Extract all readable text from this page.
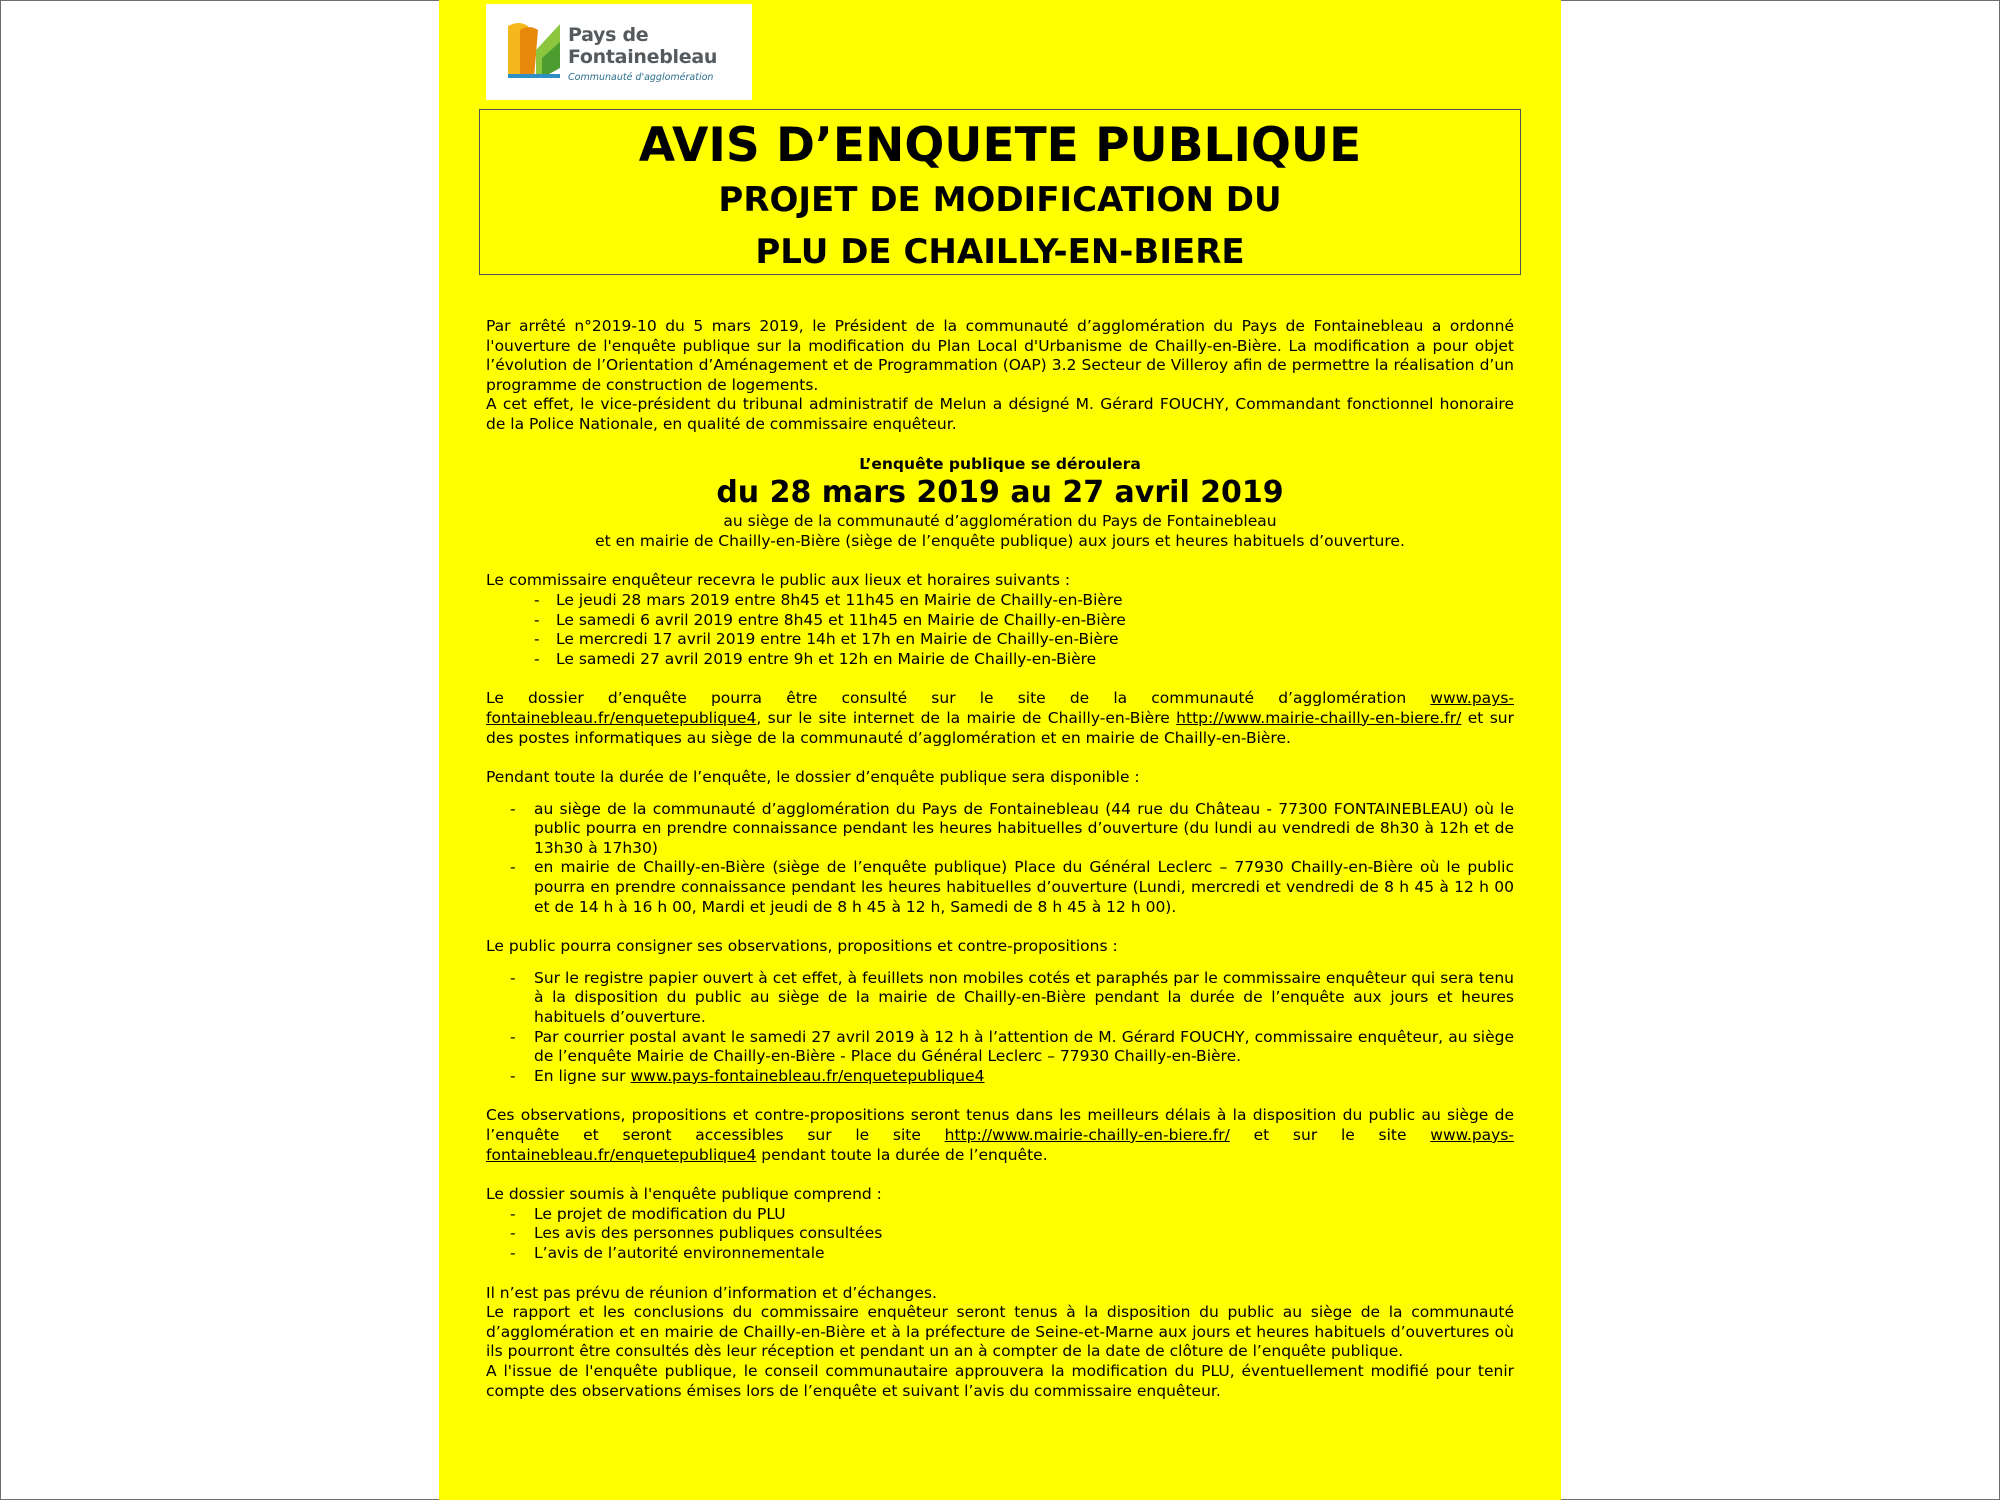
Pays de
Fontainebleau
Communauté d'agglomération
AVIS D’ENQUETE PUBLIQUE
PROJET DE MODIFICATION DU
PLU DE CHAILLY-EN-BIERE

Par arrêté n°2019-10 du 5 mars 2019, le Président de la communauté d’agglomération du Pays de Fontainebleau a ordonné l'ouverture de l'enquête publique sur la modification du Plan Local d'Urbanisme de Chailly-en-Bière. La modification a pour objet l’évolution de l’Orientation d’Aménagement et de Programmation (OAP) 3.2 Secteur de Villeroy afin de permettre la réalisation d’un programme de construction de logements.

A cet effet, le vice-président du tribunal administratif de Melun a désigné M. Gérard FOUCHY, Commandant fonctionnel honoraire de la Police Nationale, en qualité de commissaire enquêteur.

L’enquête publique se déroulera

du 28 mars 2019 au 27 avril 2019

au siège de la communauté d’agglomération du Pays de Fontainebleau

et en mairie de Chailly-en-Bière (siège de l’enquête publique) aux jours et heures habituels d’ouverture.

Le commissaire enquêteur recevra le public aux lieux et horaires suivants :

- Le jeudi 28 mars 2019 entre 8h45 et 11h45 en Mairie de Chailly-en-Bière
- Le samedi 6 avril 2019 entre 8h45 et 11h45 en Mairie de Chailly-en-Bière
- Le mercredi 17 avril 2019 entre 14h et 17h en Mairie de Chailly-en-Bière
- Le samedi 27 avril 2019 entre 9h et 12h en Mairie de Chailly-en-Bière

Le dossier d’enquête pourra être consulté sur le site de la communauté d’agglomération www.pays-fontainebleau.fr/enquetepublique4, sur le site internet de la mairie de Chailly-en-Bière http://www.mairie-chailly-en-biere.fr/ et sur des postes informatiques au siège de la communauté d’agglomération et en mairie de Chailly-en-Bière.

Pendant toute la durée de l’enquête, le dossier d’enquête publique sera disponible :

- au siège de la communauté d’agglomération du Pays de Fontainebleau (44 rue du Château - 77300 FONTAINEBLEAU) où le public pourra en prendre connaissance pendant les heures habituelles d’ouverture (du lundi au vendredi de 8h30 à 12h et de 13h30 à 17h30)
- en mairie de Chailly-en-Bière (siège de l’enquête publique) Place du Général Leclerc – 77930 Chailly-en-Bière où le public pourra en prendre connaissance pendant les heures habituelles d’ouverture (Lundi, mercredi et vendredi de 8 h 45 à 12 h 00 et de 14 h à 16 h 00, Mardi et jeudi de 8 h 45 à 12 h, Samedi de 8 h 45 à 12 h 00).

Le public pourra consigner ses observations, propositions et contre-propositions :

- Sur le registre papier ouvert à cet effet, à feuillets non mobiles cotés et paraphés par le commissaire enquêteur qui sera tenu à la disposition du public au siège de la mairie de Chailly-en-Bière pendant la durée de l’enquête aux jours et heures habituels d’ouverture.
- Par courrier postal avant le samedi 27 avril 2019 à 12 h à l’attention de M. Gérard FOUCHY, commissaire enquêteur, au siège de l’enquête Mairie de Chailly-en-Bière - Place du Général Leclerc – 77930 Chailly-en-Bière.
- En ligne sur www.pays-fontainebleau.fr/enquetepublique4

Ces observations, propositions et contre-propositions seront tenus dans les meilleurs délais à la disposition du public au siège de l’enquête et seront accessibles sur le site http://www.mairie-chailly-en-biere.fr/ et sur le site www.pays-fontainebleau.fr/enquetepublique4 pendant toute la durée de l’enquête.

Le dossier soumis à l'enquête publique comprend :

- Le projet de modification du PLU
- Les avis des personnes publiques consultées
- L’avis de l’autorité environnementale

Il n’est pas prévu de réunion d’information et d’échanges.

Le rapport et les conclusions du commissaire enquêteur seront tenus à la disposition du public au siège de la communauté d’agglomération et en mairie de Chailly-en-Bière et à la préfecture de Seine-et-Marne aux jours et heures habituels d’ouvertures où ils pourront être consultés dès leur réception et pendant un an à compter de la date de clôture de l’enquête publique.

A l'issue de l'enquête publique, le conseil communautaire approuvera la modification du PLU, éventuellement modifié pour tenir compte des observations émises lors de l’enquête et suivant l’avis du commissaire enquêteur.
